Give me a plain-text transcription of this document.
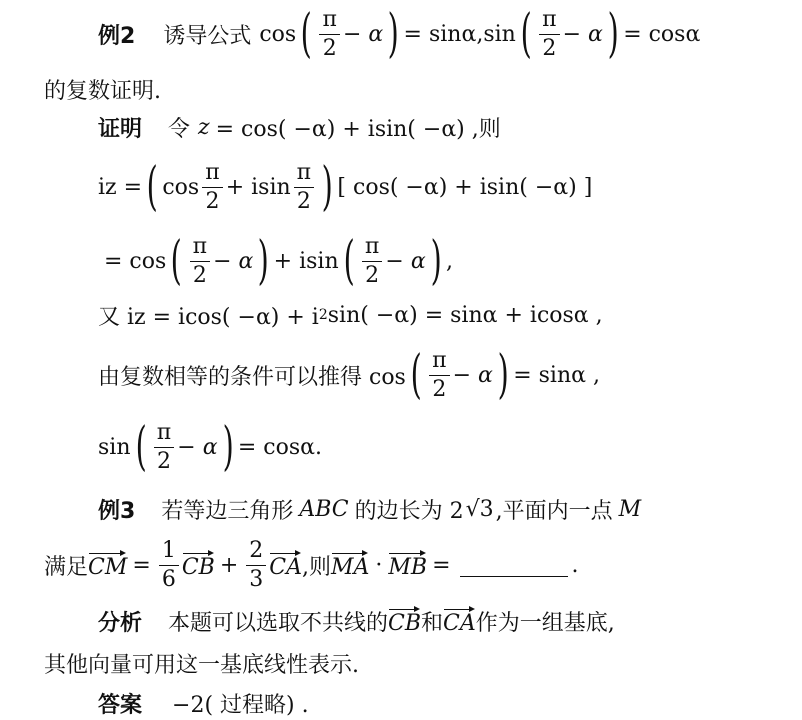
例2 诱导公式 cos ( $\frac{\pi}{2} - \alpha$ ) = sinα , sin ( $\frac{\pi}{2} - \alpha$ ) = cosα
的复数证明.
证明 令 z = cos( −α) + isin( −α) ,则
iz = ( $\cos \frac{\pi}{2} + isin \frac{\pi}{2}$ ) [ cos( −α) + isin( −α) ]
= cos ( $\frac{\pi}{2} - \alpha$ ) + isin ( $\frac{\pi}{2} - \alpha$ ) ,
又 iz = icos( −α) + i 2 sin( −α) = sinα + icosα ,
由复数相等的条件可以推得 cos ( $\frac{\pi}{2} - \alpha$ ) = sinα ,
sin ( $\frac{\pi}{2} - \alpha$ ) = cosα.
例3 若等边三角形 ABC 的边长为 2 √3 ,平面内一点 M
满足 CM = $\frac{1}{6}$ CB + $\frac{2}{3}$ CA ,则 MA · MB =	.
分析 本题可以选取不共线的 CB 和 CA 作为一组基底,
其他向量可用这一基底线性表示.
答案 −2( 过程略) .
